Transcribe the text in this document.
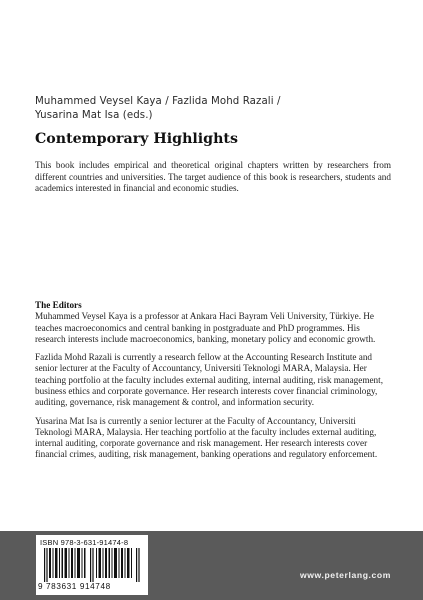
Muhammed Veysel Kaya / Fazlida Mohd Razali /
Yusarina Mat Isa (eds.)
Contemporary Highlights

This book includes empirical and theoretical original chapters written by researchers from different countries and universities. The target audience of this book is researchers, students and academics interested in financial and economic studies.

The Editors

Muhammed Veysel Kaya is a professor at Ankara Haci Bayram Veli University, Türkiye. He teaches macroeconomics and central banking in postgraduate and PhD programmes. His research interests include macroeconomics, banking, monetary policy and economic growth.

Fazlida Mohd Razali is currently a research fellow at the Accounting Research Institute and senior lecturer at the Faculty of Accountancy, Universiti Teknologi MARA, Malaysia. Her teaching portfolio at the faculty includes external auditing, internal auditing, risk management, business ethics and corporate governance. Her research interests cover financial criminology, auditing, governance, risk management & control, and information security.

Yusarina Mat Isa is currently a senior lecturer at the Faculty of Accountancy, Universiti Teknologi MARA, Malaysia. Her teaching portfolio at the faculty includes external auditing, internal auditing, corporate governance and risk management. Her research interests cover financial crimes, auditing, risk management, banking operations and regulatory enforcement.

ISBN 978-3-631-91474-8
9 783631 914748
www.peterlang.com
